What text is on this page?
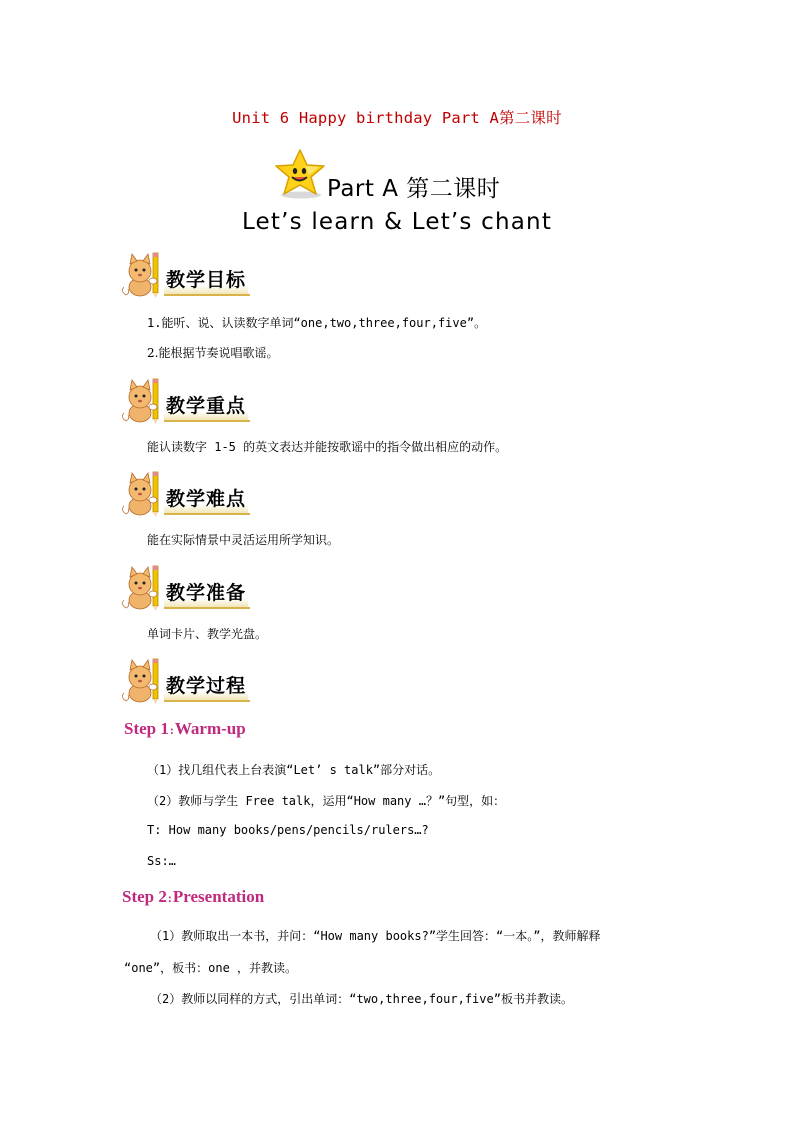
Unit 6 Happy birthday Part A第二课时
Part A 第二课时
Let’s learn & Let’s chant
教学目标
1.能听、说、认读数字单词“one,two,three,four,five”。
2.能根据节奏说唱歌谣。
教学重点
能认读数字 1-5 的英文表达并能按歌谣中的指令做出相应的动作。
教学难点
能在实际情景中灵活运用所学知识。
教学准备
单词卡片、教学光盘。
教学过程
Step 1:Warm-up
（1）找几组代表上台表演“Let’ s talk”部分对话。
（2）教师与学生 Free talk，运用“How many …？”句型，如：
T: How many books/pens/pencils/rulers…?
Ss:…
Step 2:Presentation
（1）教师取出一本书，并问：“How many books?”学生回答：“一本。”，教师解释
“one”，板书：one ，并教读。
（2）教师以同样的方式，引出单词：“two,three,four,five”板书并教读。
